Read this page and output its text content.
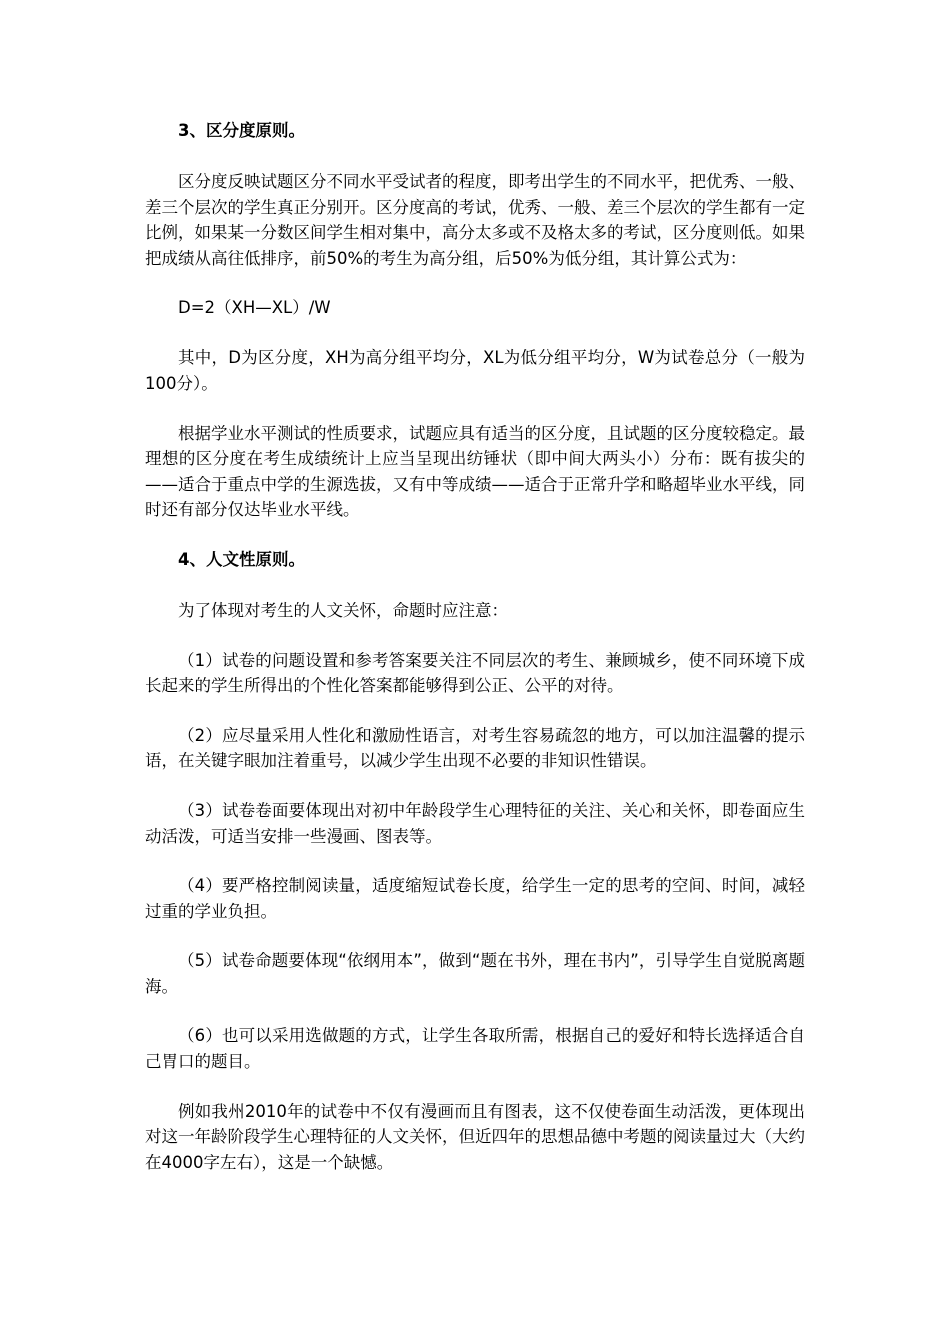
3、区分度原则。

区分度反映试题区分不同水平受试者的程度，即考出学生的不同水平，把优秀、一般、差三个层次的学生真正分别开。区分度高的考试，优秀、一般、差三个层次的学生都有一定比例，如果某一分数区间学生相对集中，高分太多或不及格太多的考试，区分度则低。如果把成绩从高往低排序，前50%的考生为高分组，后50%为低分组，其计算公式为：

D=2（XH—XL）/W

其中，D为区分度，XH为高分组平均分，XL为低分组平均分，W为试卷总分（一般为100分）。

根据学业水平测试的性质要求，试题应具有适当的区分度，且试题的区分度较稳定。最理想的区分度在考生成绩统计上应当呈现出纺锤状（即中间大两头小）分布：既有拔尖的——适合于重点中学的生源选拔，又有中等成绩——适合于正常升学和略超毕业水平线，同时还有部分仅达毕业水平线。

4、人文性原则。

为了体现对考生的人文关怀，命题时应注意：

（1）试卷的问题设置和参考答案要关注不同层次的考生、兼顾城乡，使不同环境下成长起来的学生所得出的个性化答案都能够得到公正、公平的对待。

（2）应尽量采用人性化和激励性语言，对考生容易疏忽的地方，可以加注温馨的提示语，在关键字眼加注着重号，以减少学生出现不必要的非知识性错误。

（3）试卷卷面要体现出对初中年龄段学生心理特征的关注、关心和关怀，即卷面应生动活泼，可适当安排一些漫画、图表等。

（4）要严格控制阅读量，适度缩短试卷长度，给学生一定的思考的空间、时间，减轻过重的学业负担。

（5）试卷命题要体现“依纲用本”，做到“题在书外，理在书内”，引导学生自觉脱离题海。

（6）也可以采用选做题的方式，让学生各取所需，根据自己的爱好和特长选择适合自己胃口的题目。

例如我州2010年的试卷中不仅有漫画而且有图表，这不仅使卷面生动活泼，更体现出对这一年龄阶段学生心理特征的人文关怀，但近四年的思想品德中考题的阅读量过大（大约在4000字左右），这是一个缺憾。
